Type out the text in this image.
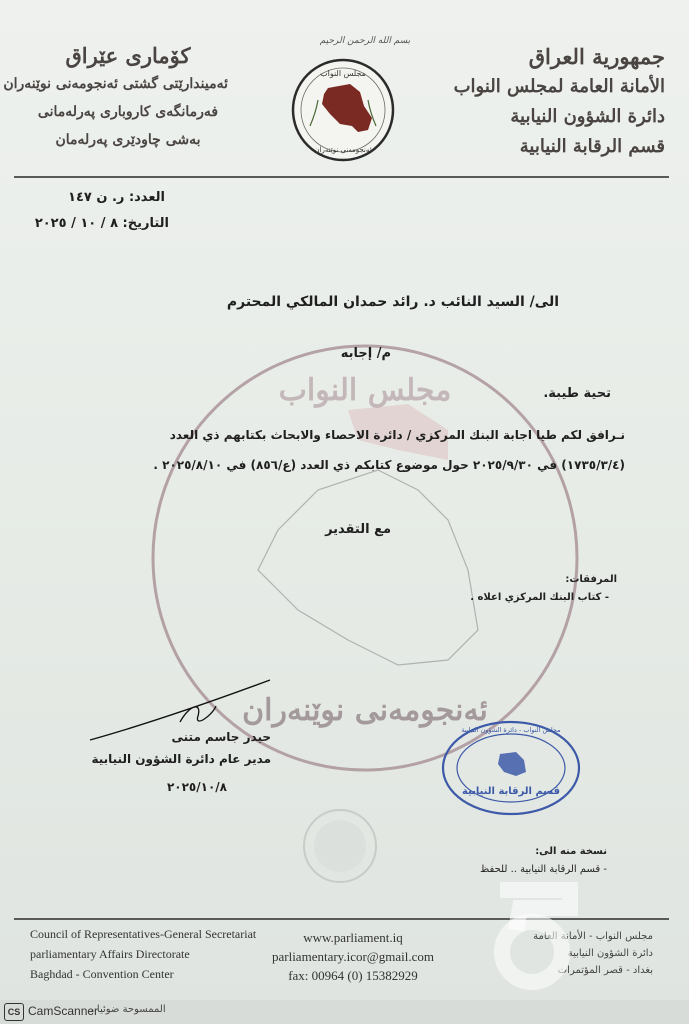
جمهورية العراق
الأمانة العامة لمجلس النواب
دائرة الشؤون النيابية
قسم الرقابة النيابية
كۆماری عێراق
ئەمیندارێتی گشتی ئەنجومەنی نوێنەران
فەرمانگەی کاروباری پەرلەمانی
بەشی چاودێری پەرلەمان
بسم الله الرحمن الرحيم
مجلس النواب
ئەنجومەنی نوێنەران
العدد: ر. ن ١٤٧
التاريخ: ٨ / ١٠ / ٢٠٢٥
مجلس النواب
ئەنجومەنی نوێنەران
الى/ السيد النائب د. رائد حمدان المالكي المحترم
م/ إجابه
تحية طيبة.
نـرافق لكم طيا اجابة البنك المركزي / دائرة الاحصاء والابحاث بكتابهم ذي العدد
(١٧٣٥/٣/٤) في ٢٠٢٥/٩/٣٠ حول موضوع كتابكم ذي العدد (ع/٨٥٦) في ٢٠٢٥/٨/١٠ .
مع التقدير
المرفقات:
- كتاب البنك المركزي اعلاه .
حيدر جاسم متنى
مدير عام دائرة الشؤون النيابية
٢٠٢٥/١٠/٨
مجلس النواب - دائرة الشؤون النيابية
قسم الرقابة النيابية
نسخة منه الى:
- قسم الرقابة النيابية .. للحفظ
Council of Representatives-General Secretariat
parliamentary Affairs Directorate
Baghdad - Convention Center
www.parliament.iq
parliamentary.icor@gmail.com
fax: 00964 (0) 15382929
مجلس النواب - الأمانة العامة
دائرة الشؤون النيابية
بغداد - قصر المؤتمرات
CS CamScanner
الممسوحة ضوئيا بـ
